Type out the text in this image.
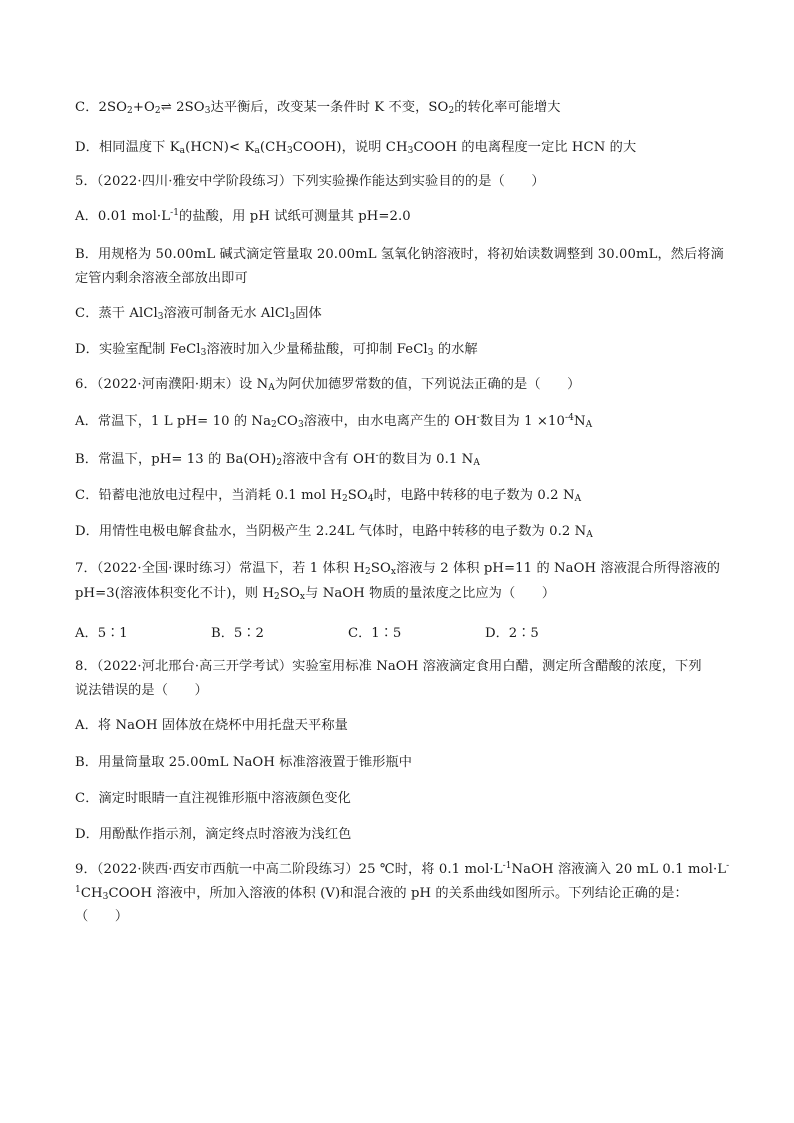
C．$2SO_2+O_2\rightleftharpoons$ $2SO_3$达平衡后，改变某一条件时 K 不变，$SO_2$的转化率可能增大
D．相同温度下 $K_a(HCN)<$ $K_a(CH_3COOH)$，说明 $CH_3COOH$ 的电离程度一定比 HCN 的大
5．（2022·四川·雅安中学阶段练习）下列实验操作能达到实验目的的是（　　）
A．0.01 $mol\cdot L^{-1}$的盐酸，用 pH 试纸可测量其 pH=2.0
B．用规格为 50.00mL 碱式滴定管量取 20.00mL 氢氧化钠溶液时，将初始读数调整到 30.00mL，然后将滴
定管内剩余溶液全部放出即可
C．蒸干 AlCl$_3$溶液可制备无水 AlCl$_3$固体
D．实验室配制 FeCl$_3$溶液时加入少量稀盐酸，可抑制 FeCl$_3$ 的水解
6．（2022·河南濮阳·期末）设 $N_A$为阿伏加德罗常数的值，下列说法正确的是（　　）
A．常温下，1 L pH= 10 的 $Na_2CO_3$溶液中，由水电离产生的 OH-数目为 $1 \times 10^{-4}N_A$
B．常温下，pH= 13 的 $Ba(OH)_2$溶液中含有 OH-的数目为 0.1 $N_A$
C．铅蓄电池放电过程中，当消耗 0.1 mol $H_2SO_4$时，电路中转移的电子数为 0.2 $N_A$
D．用情性电极电解食盐水，当阴极产生 2.24L 气体时，电路中转移的电子数为 0.2 $N_A$
7．（2022·全国·课时练习）常温下，若 1 体积 $H_2SO_x$溶液与 2 体积 pH=11 的 NaOH 溶液混合所得溶液的
pH=3(溶液体积变化不计)，则 $H_2SO_x$与 NaOH 物质的量浓度之比应为（　　）
A．5∶1	B．5∶2	C．1∶5	D．2∶5
8．（2022·河北邢台·高三开学考试）实验室用标准 NaOH 溶液滴定食用白醋，测定所含醋酸的浓度，下列
说法错误的是（　　）
A．将 NaOH 固体放在烧杯中用托盘天平称量
B．用量筒量取 25.00mL NaOH 标准溶液置于锥形瓶中
C．滴定时眼睛一直注视锥形瓶中溶液颜色变化
D．用酚酞作指示剂，滴定终点时溶液为浅红色
9．（2022·陕西·西安市西航一中高二阶段练习）25 ℃时，将 0.1 $mol\cdot L^{-1}NaOH$ 溶液滴入 20 mL 0.1 mol·L-
$^1CH_3COOH$ 溶液中，所加入溶液的体积 (V)和混合液的 pH 的关系曲线如图所示。下列结论正确的是：
（　　）
